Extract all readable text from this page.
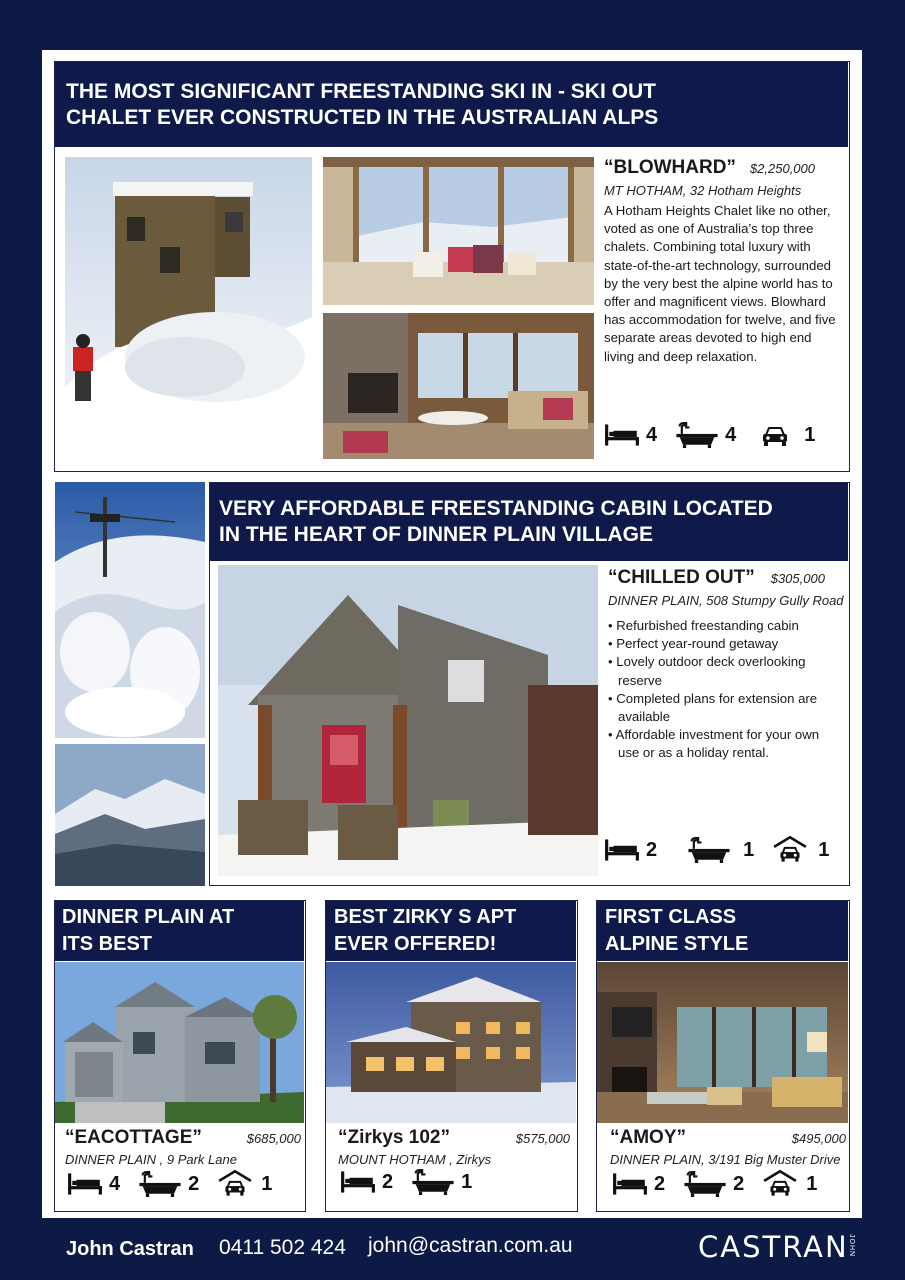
THE MOST SIGNIFICANT FREESTANDING SKI IN - SKI OUT
CHALET EVER CONSTRUCTED IN THE AUSTRALIAN ALPS
“BLOWHARD” $2,250,000
MT HOTHAM, 32 Hotham Heights
A Hotham Heights Chalet like no other, voted as one of Australia’s top three chalets. Combining total luxury with state-of-the-art technology, surrounded by the very best the alpine world has to offer and magnificent views. Blowhard has accommodation for twelve, and five separate areas devoted to high end living and deep relaxation.
4	4	1
VERY AFFORDABLE FREESTANDING CABIN LOCATED
IN THE HEART OF DINNER PLAIN VILLAGE
“CHILLED OUT” $305,000
DINNER PLAIN, 508 Stumpy Gully Road
• Refurbished freestanding cabin
• Perfect year-round getaway
• Lovely outdoor deck overlooking reserve
• Completed plans for extension are available
• Affordable investment for your own use or as a holiday rental.
2	1	1
DINNER PLAIN AT
ITS BEST
“EACOTTAGE”	$685,000
DINNER PLAIN , 9 Park Lane
4	2	1
BEST ZIRKY S APT
EVER OFFERED!
“Zirkys 102”	$575,000
MOUNT HOTHAM , Zirkys
2	1
FIRST CLASS
ALPINE STYLE
“AMOY”	$495,000
DINNER PLAIN, 3/191 Big Muster Drive
2	2	1
John Castran 0411 502 424 john@castran.com.au	CASTRAN JOHN
